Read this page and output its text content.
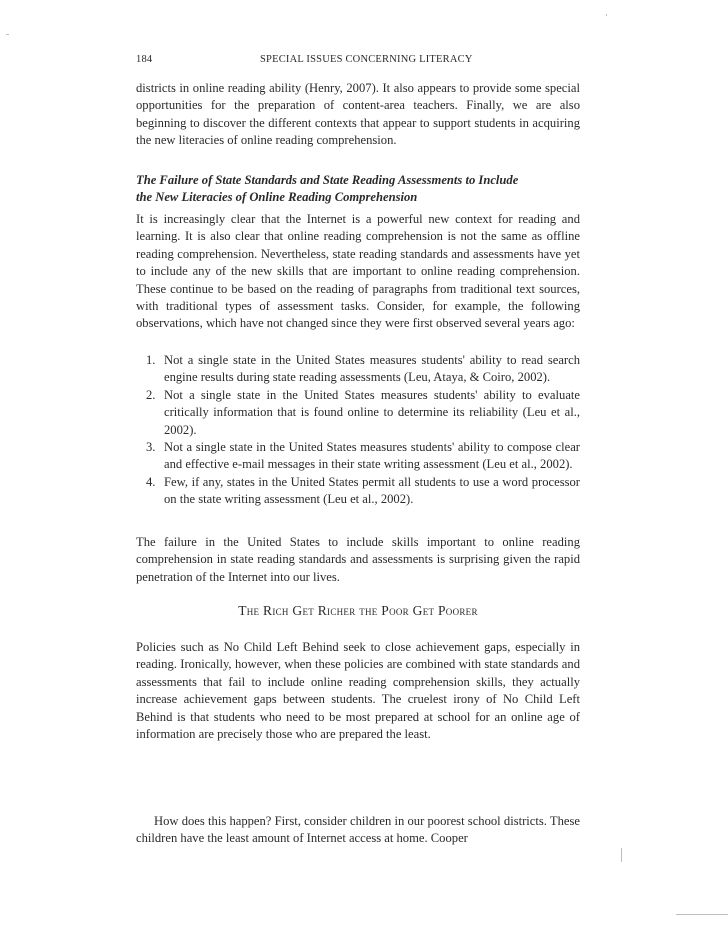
184	SPECIAL ISSUES CONCERNING LITERACY

districts in online reading ability (Henry, 2007). It also appears to provide some special opportunities for the preparation of content-area teachers. Finally, we are also beginning to discover the different contexts that appear to support students in acquiring the new literacies of online reading comprehension.

The Failure of State Standards and State Reading Assessments to Include
the New Literacies of Online Reading Comprehension

It is increasingly clear that the Internet is a powerful new context for reading and learning. It is also clear that online reading comprehension is not the same as offline reading comprehension. Nevertheless, state reading standards and assessments have yet to include any of the new skills that are important to online reading comprehension. These continue to be based on the reading of paragraphs from traditional text sources, with traditional types of assessment tasks. Consider, for example, the following observations, which have not changed since they were first observed several years ago:

1. Not a single state in the United States measures students' ability to read search engine results during state reading assessments (Leu, Ataya, & Coiro, 2002).
2. Not a single state in the United States measures students' ability to evaluate critically information that is found online to determine its reliability (Leu et al., 2002).
3. Not a single state in the United States measures students' ability to compose clear and effective e-mail messages in their state writing assessment (Leu et al., 2002).
4. Few, if any, states in the United States permit all students to use a word processor on the state writing assessment (Leu et al., 2002).

The failure in the United States to include skills important to online reading comprehension in state reading standards and assessments is surprising given the rapid penetration of the Internet into our lives.

The Rich Get Richer the Poor Get Poorer

Policies such as No Child Left Behind seek to close achievement gaps, especially in reading. Ironically, however, when these policies are combined with state standards and assessments that fail to include online reading comprehension skills, they actually increase achievement gaps between students. The cruelest irony of No Child Left Behind is that students who need to be most prepared at school for an online age of information are precisely those who are prepared the least.

How does this happen? First, consider children in our poorest school districts. These children have the least amount of Internet access at home. Cooper
